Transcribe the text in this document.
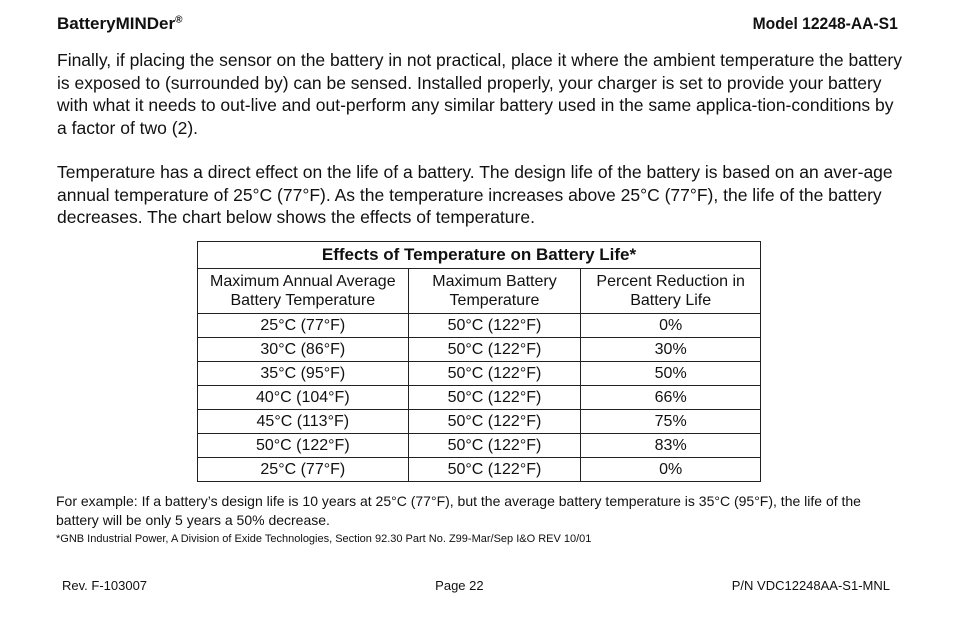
BatteryMINDer®	Model 12248-AA-S1

Finally, if placing the sensor on the battery in not practical, place it where the ambient temperature the battery is exposed to (surrounded by) can be sensed. Installed properly, your charger is set to provide your battery with what it needs to out-live and out-perform any similar battery used in the same applica-tion-conditions by a factor of two (2).

Temperature has a direct effect on the life of a battery. The design life of the battery is based on an aver-age annual temperature of 25°C (77°F). As the temperature increases above 25°C (77°F), the life of the battery decreases. The chart below shows the effects of temperature.

Effects of Temperature on Battery Life*		
Maximum Annual Average Battery Temperature	Maximum Battery Temperature	Percent Reduction in Battery Life
25°C (77°F)	50°C (122°F)	0%
30°C (86°F)	50°C (122°F)	30%
35°C (95°F)	50°C (122°F)	50%
40°C (104°F)	50°C (122°F)	66%
45°C (113°F)	50°C (122°F)	75%
50°C (122°F)	50°C (122°F)	83%
25°C (77°F)	50°C (122°F)	0%

For example: If a battery’s design life is 10 years at 25°C (77°F), but the average battery temperature is 35°C (95°F), the life of the battery will be only 5 years a 50% decrease.

*GNB Industrial Power, A Division of Exide Technologies, Section 92.30 Part No. Z99-Mar/Sep I&O REV 10/01

Rev. F-103007	Page 22	P/N VDC12248AA-S1-MNL
